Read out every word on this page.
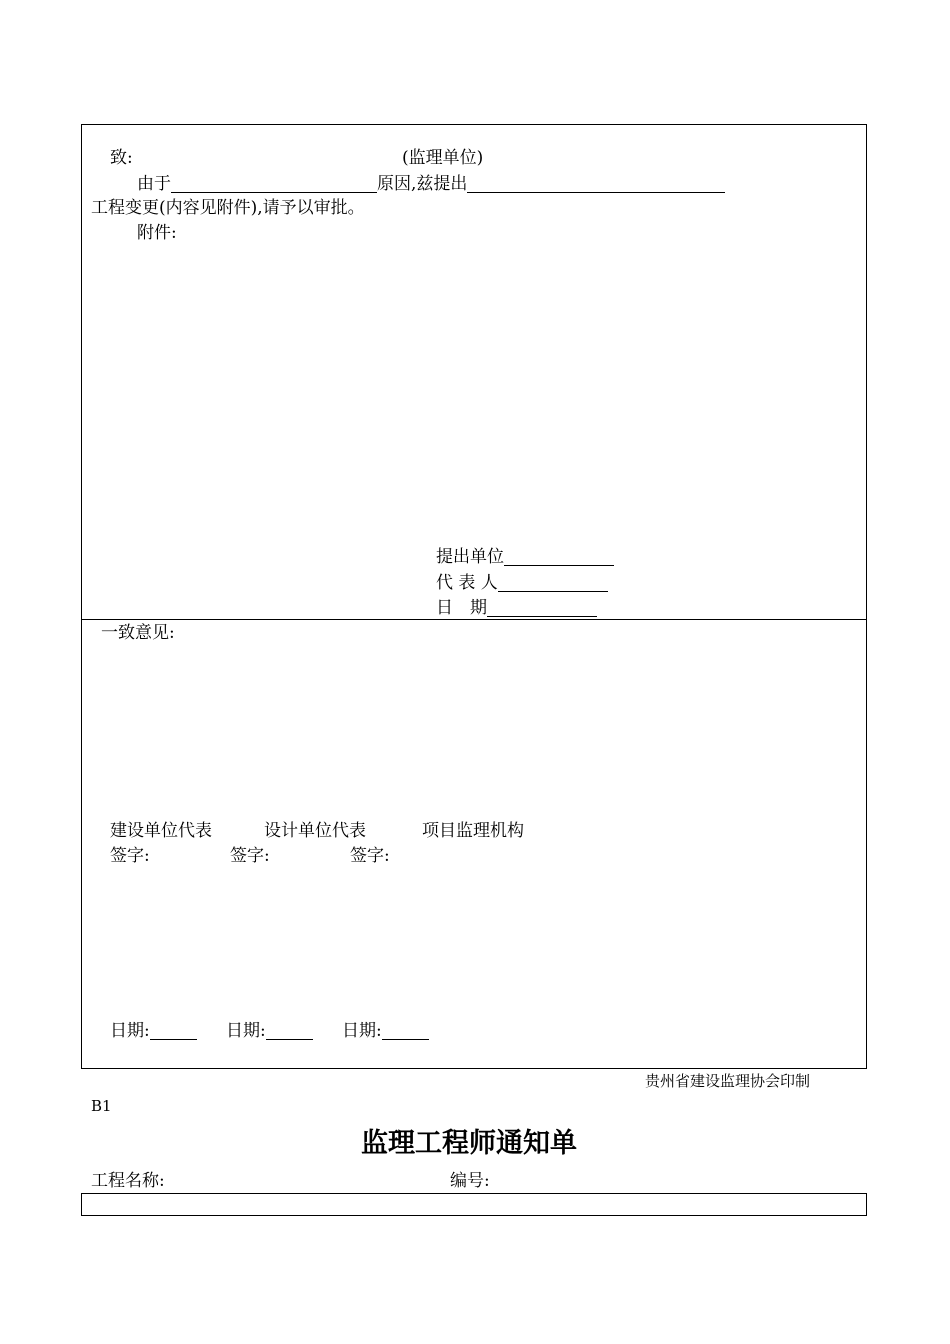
致:	(监理单位)
由于	原因,兹提出
工程变更(内容见附件),请予以审批。
附件:
提出单位
代 表 人
日　期
一致意见:
建设单位代表	设计单位代表	项目监理机构
签字:	签字:	签字:
日期:	日期:	日期:
贵州省建设监理协会印制
B1
监理工程师通知单
工程名称:	编号:
